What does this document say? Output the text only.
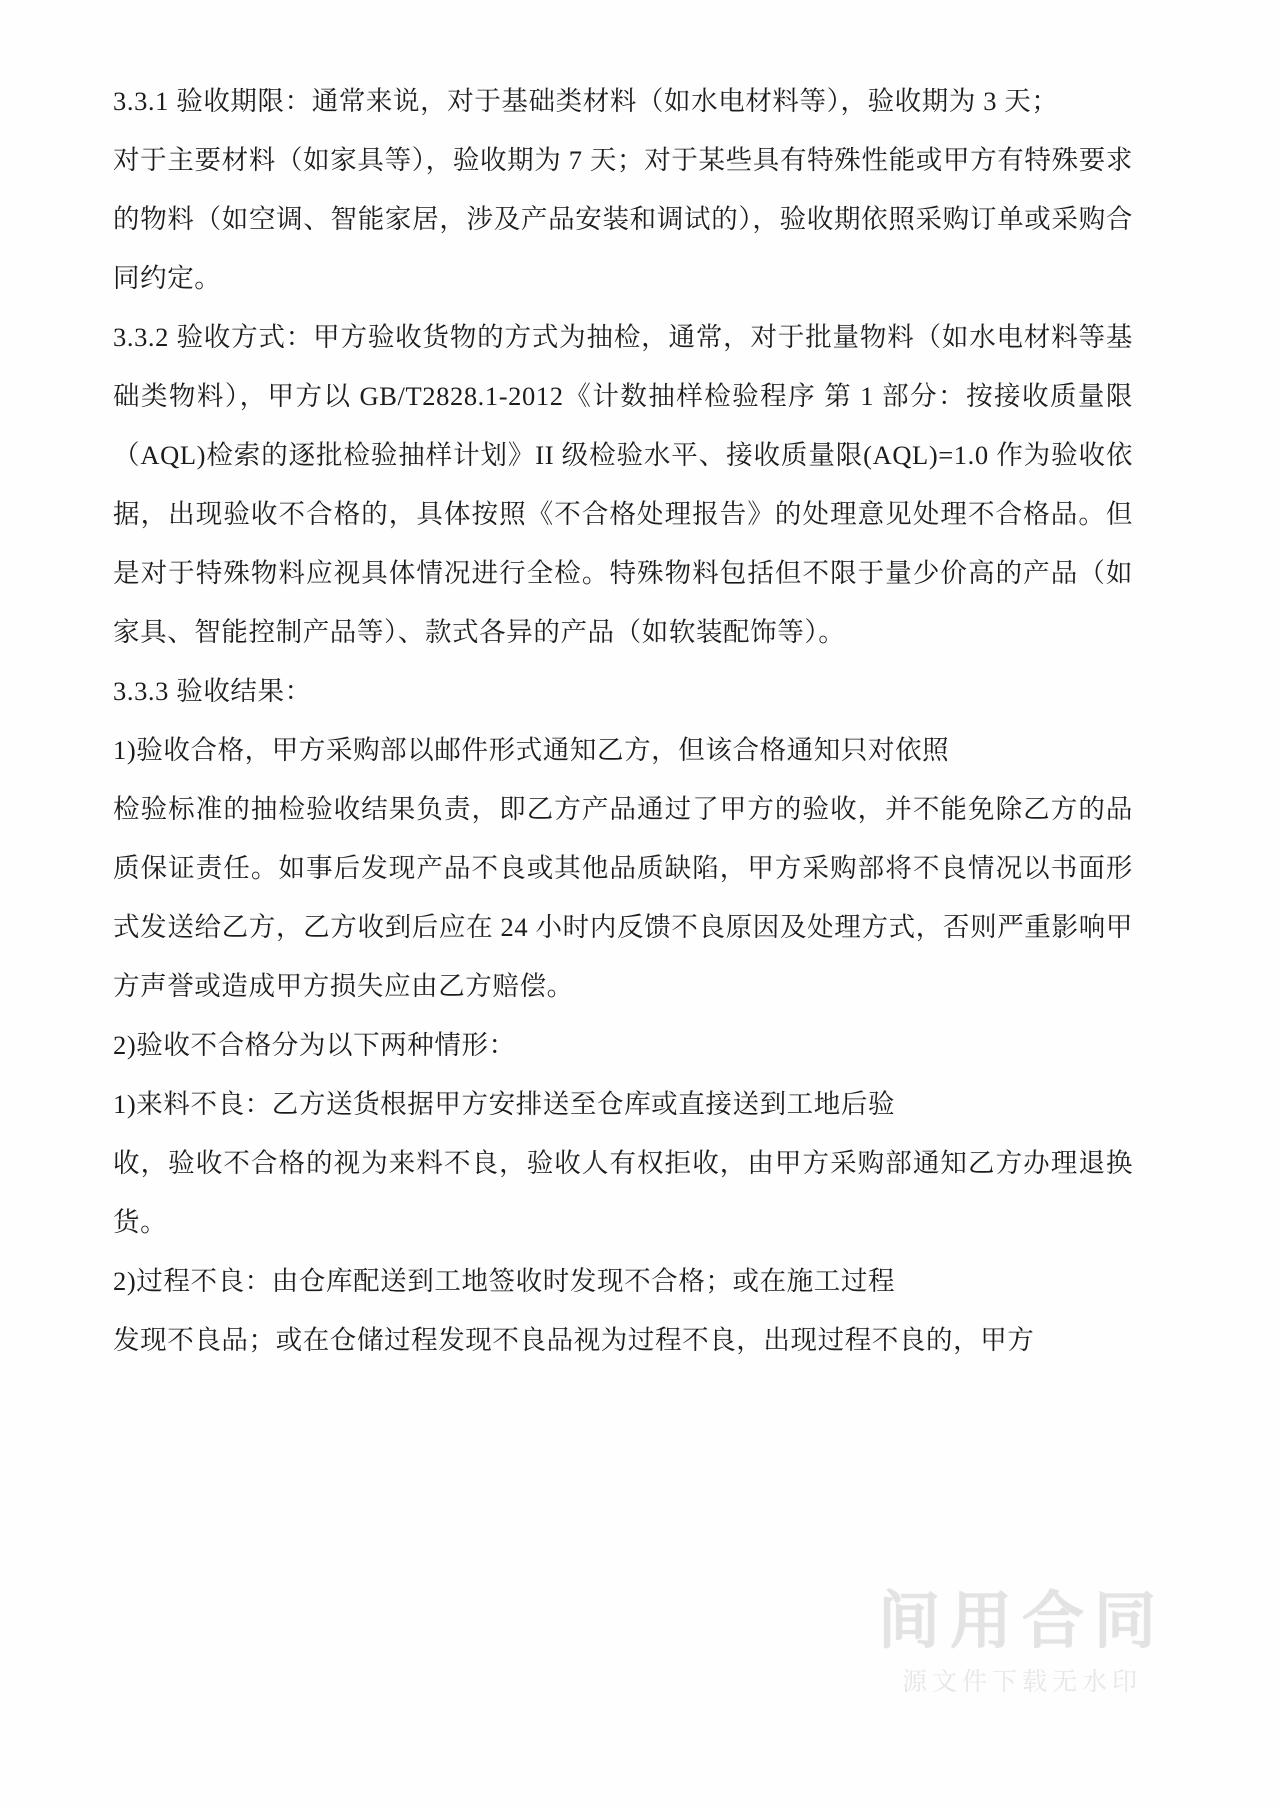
3.3.1 验收期限：通常来说，对于基础类材料（如水电材料等），验收期为 3 天；

对于主要材料（如家具等），验收期为 7 天；对于某些具有特殊性能或甲方有特殊要求的物料（如空调、智能家居，涉及产品安装和调试的），验收期依照采购订单或采购合同约定。

3.3.2 验收方式：甲方验收货物的方式为抽检，通常，对于批量物料（如水电材料等基础类物料），甲方以 GB/T2828.1-2012《计数抽样检验程序 第 1 部分：按接收质量限（AQL)检索的逐批检验抽样计划》II 级检验水平、接收质量限(AQL)=1.0 作为验收依据，出现验收不合格的，具体按照《不合格处理报告》的处理意见处理不合格品。但是对于特殊物料应视具体情况进行全检。特殊物料包括但不限于量少价高的产品（如家具、智能控制产品等）、款式各异的产品（如软装配饰等）。

3.3.3 验收结果：

1)验收合格，甲方采购部以邮件形式通知乙方，但该合格通知只对依照

检验标准的抽检验收结果负责，即乙方产品通过了甲方的验收，并不能免除乙方的品质保证责任。如事后发现产品不良或其他品质缺陷，甲方采购部将不良情况以书面形式发送给乙方，乙方收到后应在 24 小时内反馈不良原因及处理方式，否则严重影响甲方声誉或造成甲方损失应由乙方赔偿。

2)验收不合格分为以下两种情形：

1)来料不良：乙方送货根据甲方安排送至仓库或直接送到工地后验

收，验收不合格的视为来料不良，验收人有权拒收，由甲方采购部通知乙方办理退换货。

2)过程不良：由仓库配送到工地签收时发现不合格；或在施工过程

发现不良品；或在仓储过程发现不良品视为过程不良，出现过程不良的，甲方

间用合同
源文件下载无水印
